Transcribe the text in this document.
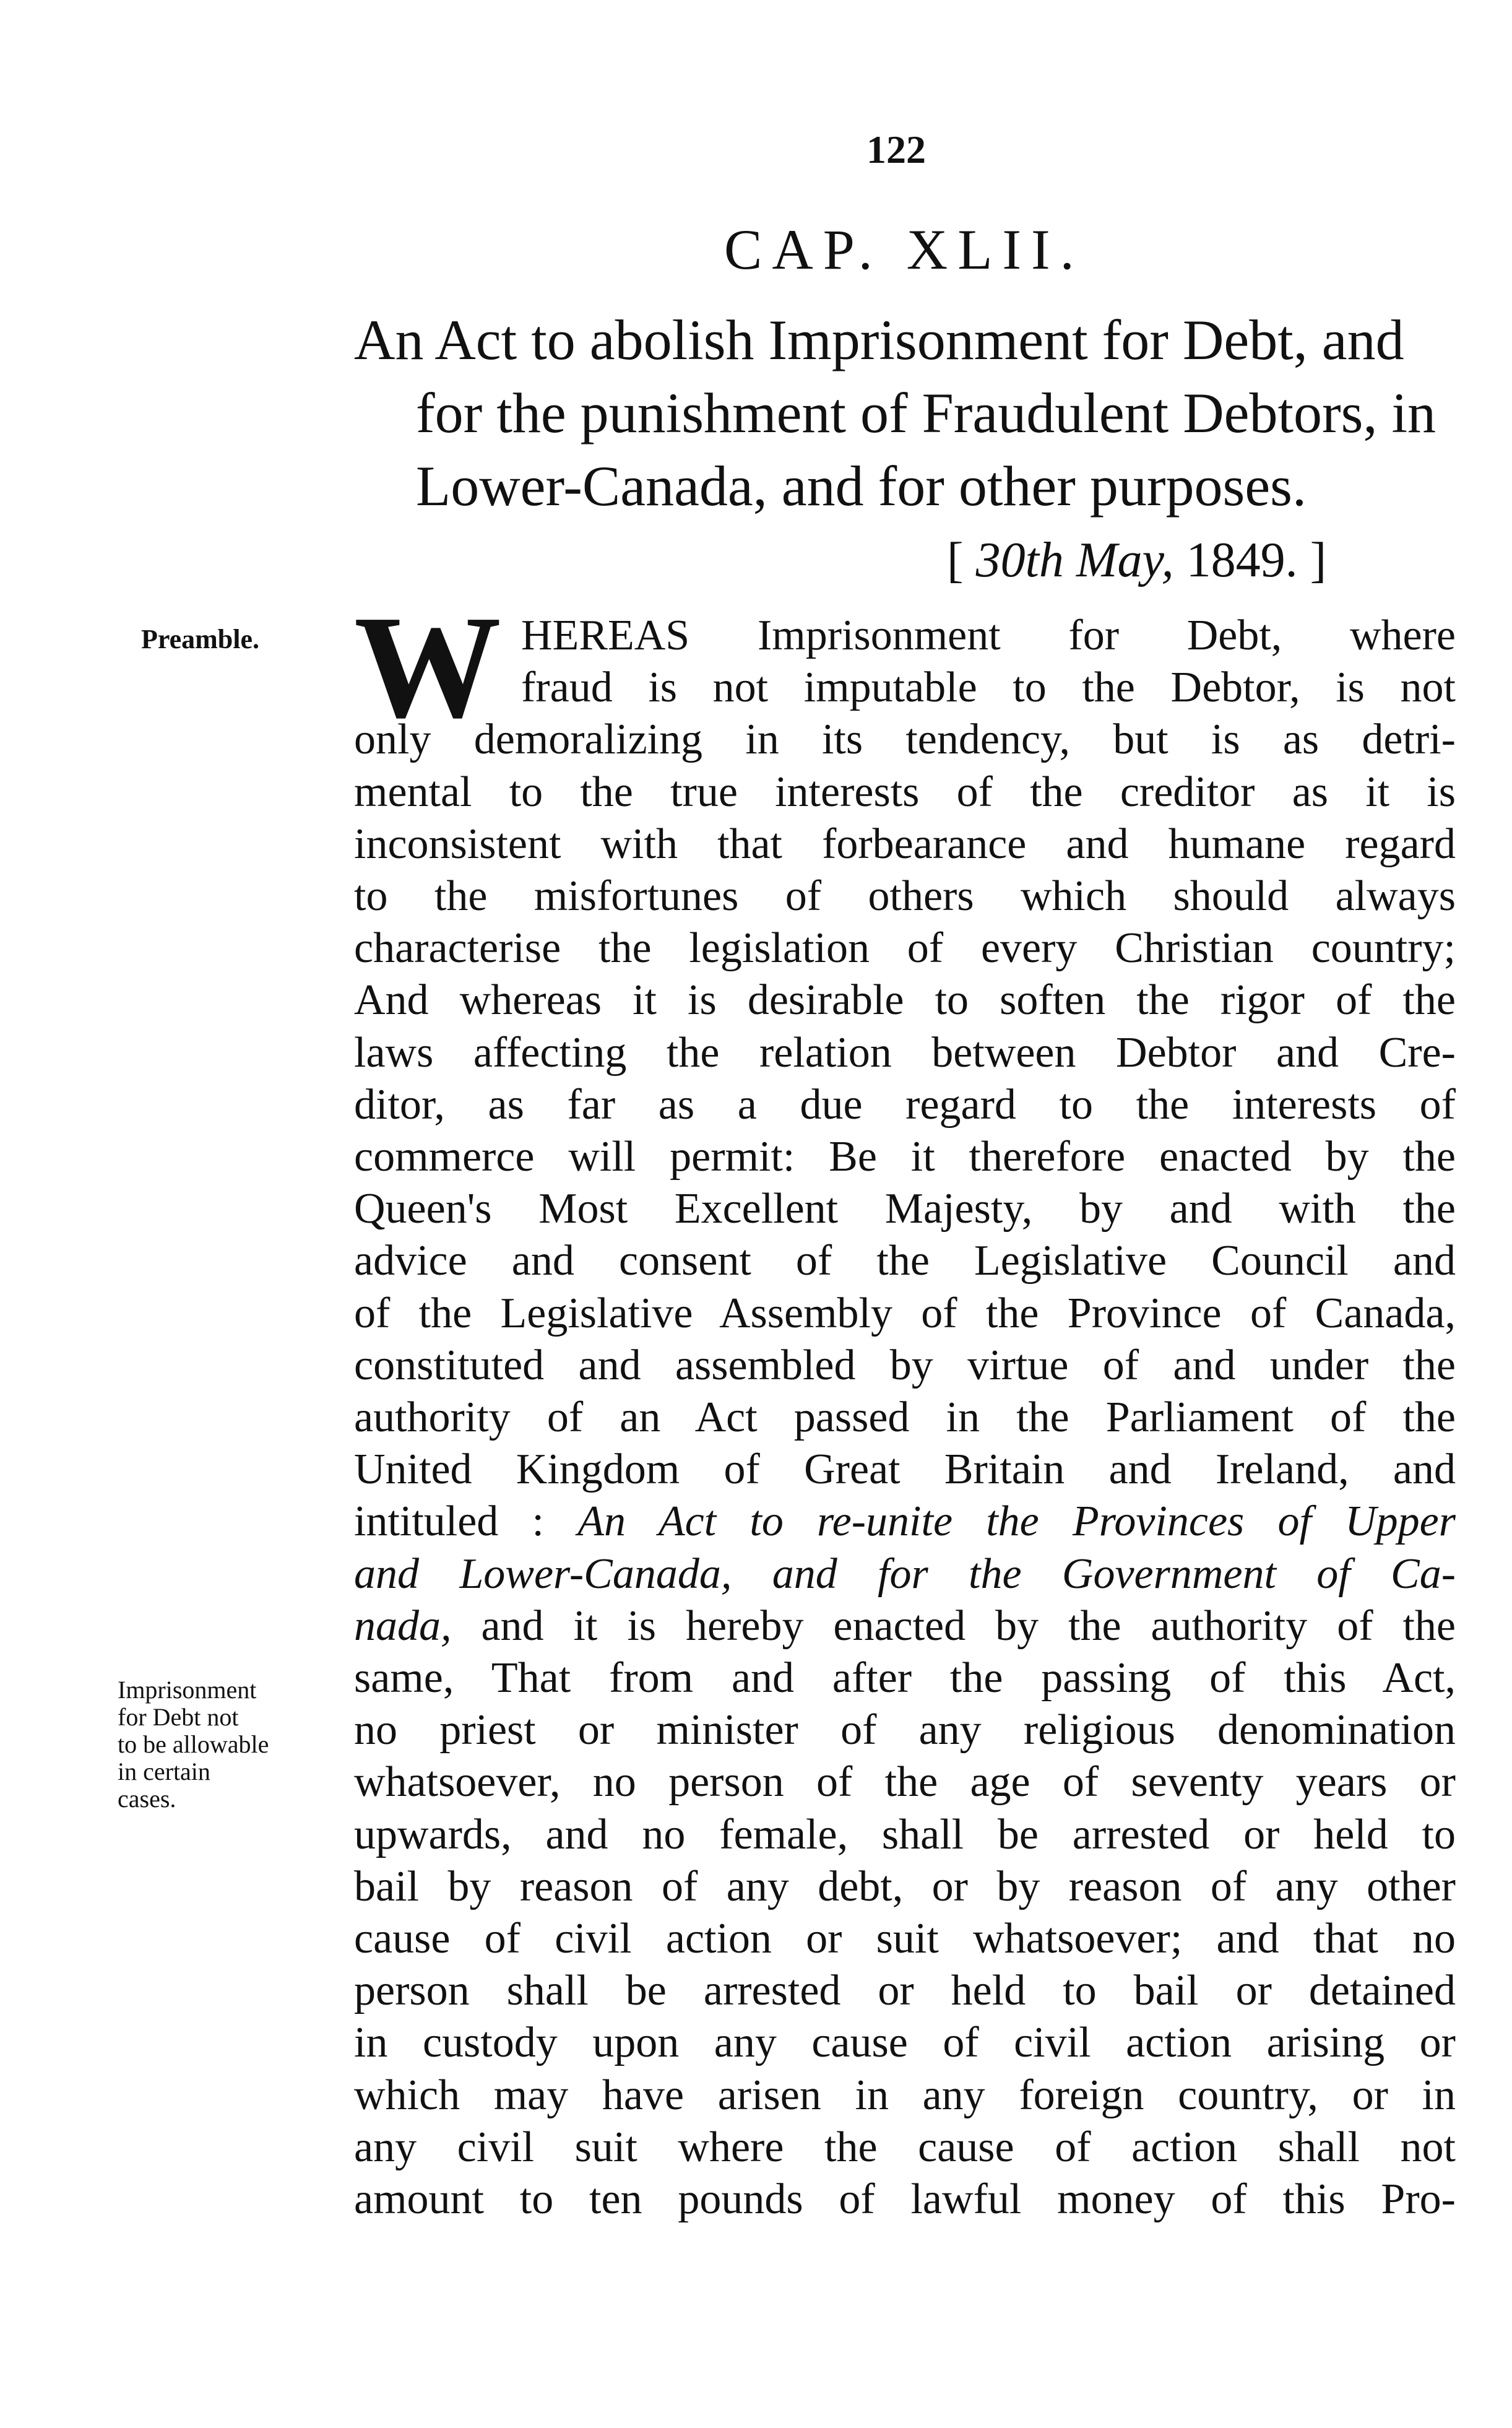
122
CAP. XLII.
An Act to abolish Imprisonment for Debt, and
for the punishment of Fraudulent Debtors, in
Lower-Canada, and for other purposes.
[ 30th May, 1849. ]
Preamble.
Imprisonment
for Debt not
to be allowable
in certain
cases.
W HEREAS Imprisonment for Debt, where
fraud is not imputable to the Debtor, is not
only demoralizing in its tendency, but is as detri-
mental to the true interests of the creditor as it is
inconsistent with that forbearance and humane regard
to the misfortunes of others which should always
characterise the legislation of every Christian country;
And whereas it is desirable to soften the rigor of the
laws affecting the relation between Debtor and Cre-
ditor, as far as a due regard to the interests of
commerce will permit: Be it therefore enacted by the
Queen's Most Excellent Majesty, by and with the
advice and consent of the Legislative Council and
of the Legislative Assembly of the Province of Canada,
constituted and assembled by virtue of and under the
authority of an Act passed in the Parliament of the
United Kingdom of Great Britain and Ireland, and
intituled : An Act to re-unite the Provinces of Upper
and Lower-Canada, and for the Government of Ca-
nada, and it is hereby enacted by the authority of the
same, That from and after the passing of this Act,
no priest or minister of any religious denomination
whatsoever, no person of the age of seventy years or
upwards, and no female, shall be arrested or held to
bail by reason of any debt, or by reason of any other
cause of civil action or suit whatsoever; and that no
person shall be arrested or held to bail or detained
in custody upon any cause of civil action arising or
which may have arisen in any foreign country, or in
any civil suit where the cause of action shall not
amount to ten pounds of lawful money of this Pro-
